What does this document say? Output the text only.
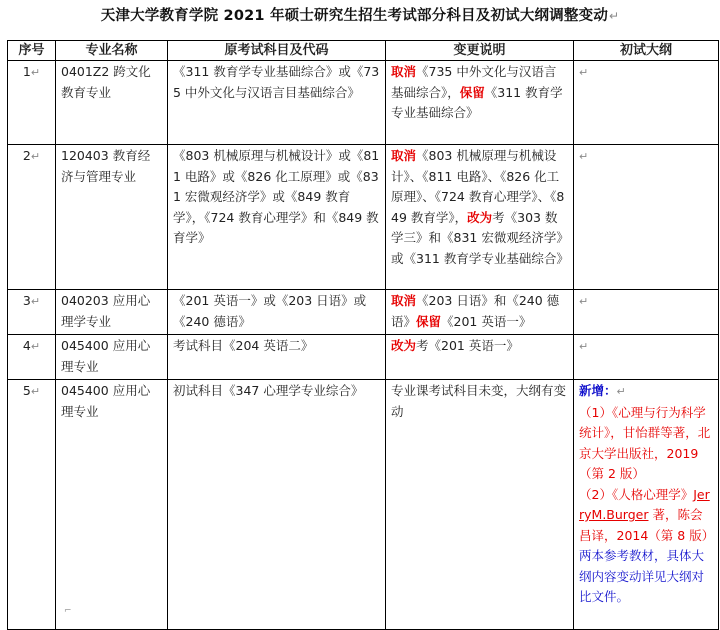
天津大学教育学院 2021 年硕士研究生招生考试部分科目及初试大纲调整变动↵
序号	专业名称	原考试科目及代码	变更说明	初试大纲
1↵	0401Z2 跨文化教育专业	《311 教育学专业基础综合》或《735 中外文化与汉语言目基础综合》	取消《735 中外文化与汉语言基础综合》，保留《311 教育学专业基础综合》	↵
2↵	120403 教育经济与管理专业	《803 机械原理与机械设计》或《811 电路》或《826 化工原理》或《831 宏微观经济学》或《849 教育学》，《724 教育心理学》和《849 教育学》	取消《803 机械原理与机械设计》、《811 电路》、《826 化工原理》、《724 教育心理学》、《849 教育学》，改为考《303 数学三》和《831 宏微观经济学》或《311 教育学专业基础综合》	↵
3↵	040203 应用心理学专业	《201 英语一》或《203 日语》或《240 德语》	取消《203 日语》和《240 德语》保留《201 英语一》	↵
4↵	045400 应用心理专业	考试科目《204 英语二》	改为考《201 英语一》	↵
5↵	045400 应用心理专业	初试科目《347 心理学专业综合》	专业课考试科目未变，大纲有变动	新增：↵
（1）《心理与行为科学统计》，甘怡群等著，北京大学出版社，2019（第 2 版）
（2）《人格心理学》JerryM.Burger 著，陈会昌译，2014（第 8 版）
两本参考教材，具体大纲内容变动详见大纲对比文件。
⌐
